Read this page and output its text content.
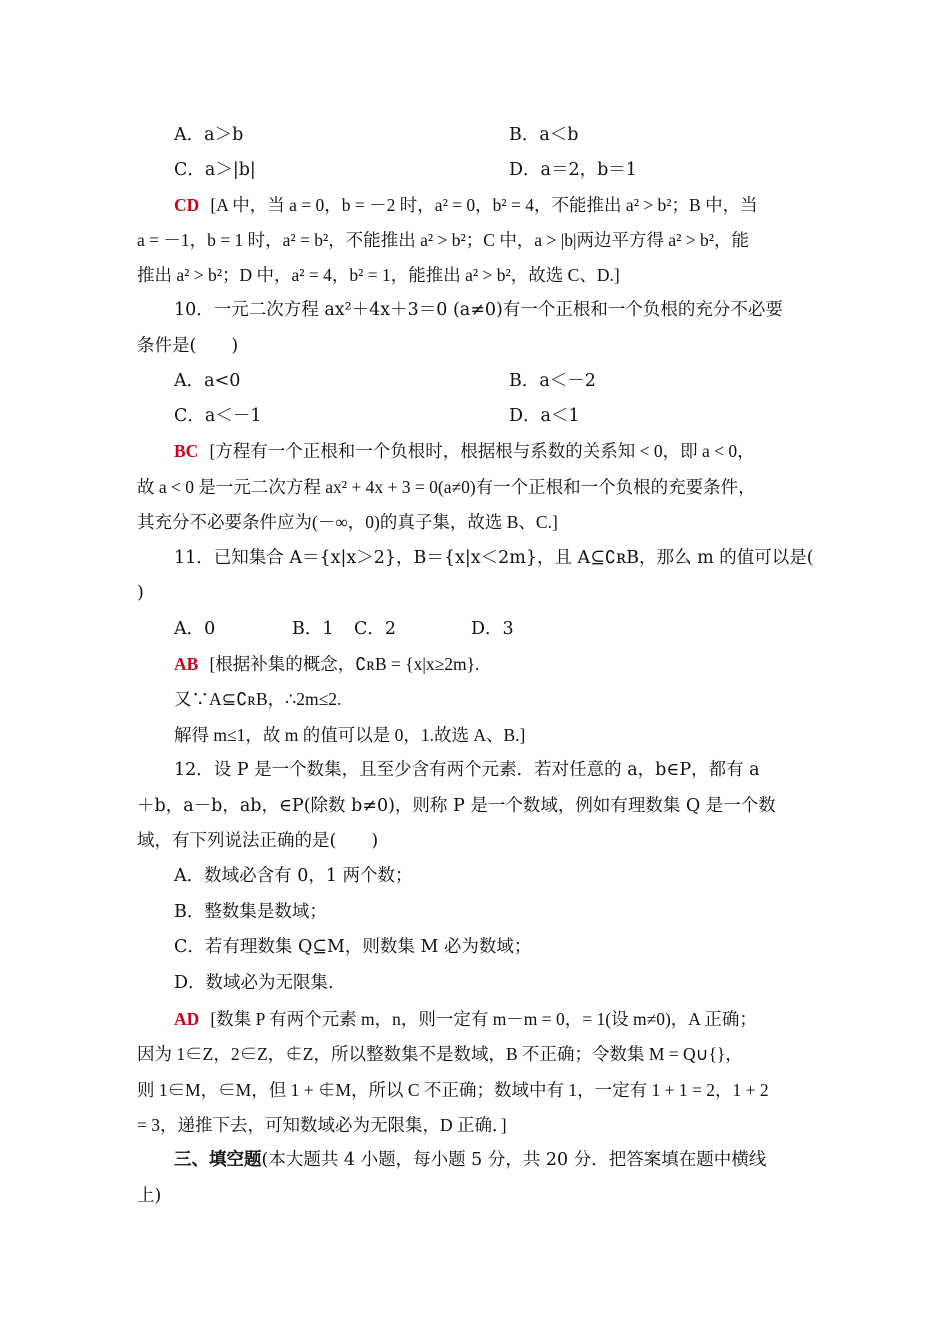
A．a＞b	B．a＜b
C．a＞|b|	D．a＝2，b＝1
CD [A 中，当 a = 0，b = －2 时，a² = 0，b² = 4，不能推出 a² > b²；B 中，当
a = －1，b = 1 时，a² = b²，不能推出 a² > b²；C 中，a > |b|两边平方得 a² > b²，能
推出 a² > b²；D 中，a² = 4，b² = 1，能推出 a² > b²，故选 C、D.]
10．一元二次方程 ax²＋4x＋3＝0 (a≠0)有一个正根和一个负根的充分不必要
条件是(　　)
A．a<0	B．a＜－2
C．a＜－1	D．a＜1
BC [方程有一个正根和一个负根时，根据根与系数的关系知 < 0，即 a < 0，
故 a < 0 是一元二次方程 ax² + 4x + 3 = 0(a≠0)有一个正根和一个负根的充要条件，
其充分不必要条件应为(－∞，0)的真子集，故选 B、C.]
11．已知集合 A＝{x|x＞2}，B＝{x|x＜2m}，且 A⊆∁ʀB，那么 m 的值可以是(
)
A．0	B．1	C．2	D．3
AB [根据补集的概念，∁ʀB = {x|x≥2m}.
又∵A⊆∁ʀB，∴2m≤2.
解得 m≤1，故 m 的值可以是 0，1.故选 A、B.]
12．设 P 是一个数集，且至少含有两个元素．若对任意的 a，b∈P，都有 a
＋b，a－b，ab，∈P(除数 b≠0)，则称 P 是一个数域，例如有理数集 Q 是一个数
域，有下列说法正确的是(　　)
A．数域必含有 0，1 两个数；
B．整数集是数域；
C．若有理数集 Q⊆M，则数集 M 必为数域；
D．数域必为无限集.
AD [数集 P 有两个元素 m，n，则一定有 m－m = 0，= 1(设 m≠0)，A 正确；
因为 1∈Z，2∈Z，∉Z，所以整数集不是数域，B 不正确；令数集 M = Q∪{}，
则 1∈M，∈M，但 1 + ∉M，所以 C 不正确；数域中有 1，一定有 1 + 1 = 2，1 + 2
= 3，递推下去，可知数域必为无限集，D 正确．]
三、填空题(本大题共 4 小题，每小题 5 分，共 20 分．把答案填在题中横线
上)
